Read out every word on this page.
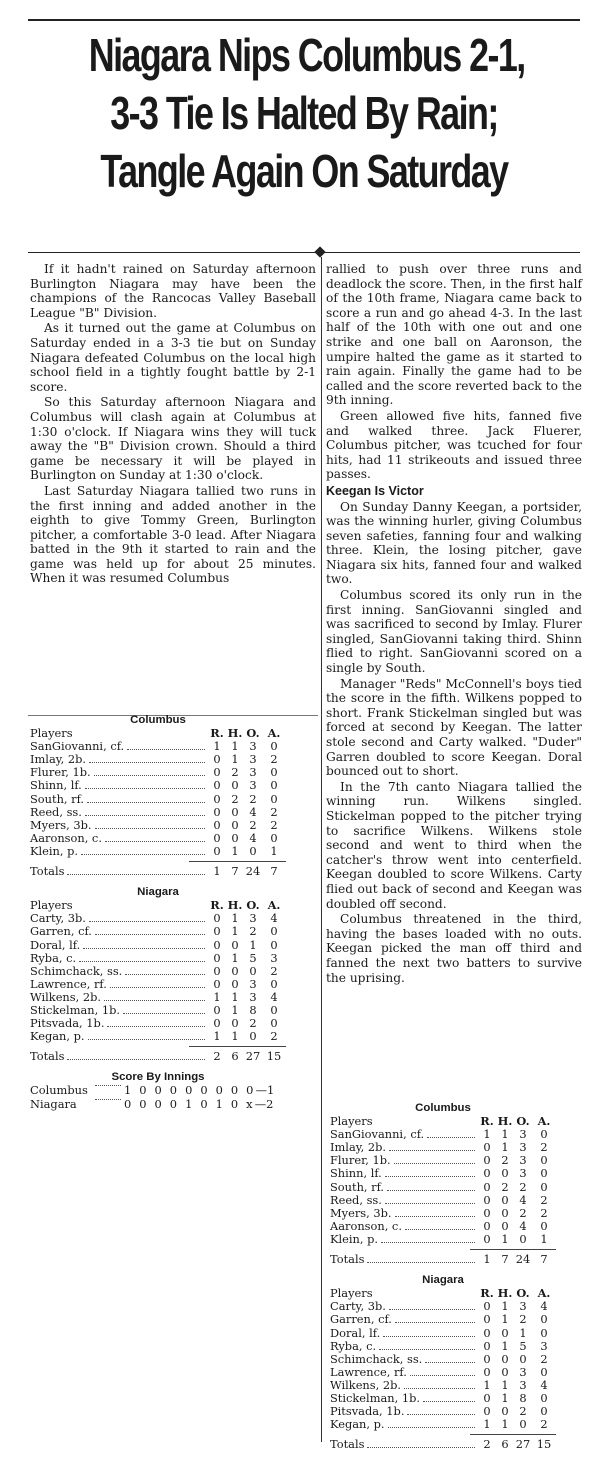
Niagara Nips Columbus 2-1,
3-3 Tie Is Halted By Rain;
Tangle Again On Saturday

If it hadn't rained on Saturday afternoon Burlington Niagara may have been the champions of the Rancocas Valley Baseball League "B" Division.

As it turned out the game at Columbus on Saturday ended in a 3-3 tie but on Sunday Niagara defeated Columbus on the local high school field in a tightly fought battle by 2-1 score.

So this Saturday afternoon Niagara and Columbus will clash again at Columbus at 1:30 o'clock. If Niagara wins they will tuck away the "B" Division crown. Should a third game be necessary it will be played in Burlington on Sunday at 1:30 o'clock.

Last Saturday Niagara tallied two runs in the first inning and added another in the eighth to give Tommy Green, Burlington pitcher, a comfortable 3-0 lead. After Niagara batted in the 9th it started to rain and the game was held up for about 25 minutes. When it was resumed Columbus

Columbus
Players	R. H. O. A.
SanGiovanni, cf.	1 1 3	0
Imlay, 2b.	0 1 3	2
Flurer, 1b.	0 2 3	0
Shinn, lf.	0 0 3	0
South, rf.	0 2 2	0
Reed, ss.	0 0 4	2
Myers, 3b.	0 0 2	2
Aaronson, c.	0 0 4	0
Klein, p.	0 1 0	1
Totals	1 7 24 7
Niagara
Players	R. H. O. A.
Carty, 3b.	0 1 3	4
Garren, cf.	0 1 2	0
Doral, lf.	0 0 1	0
Ryba, c.	0 1 5	3
Schimchack, ss.	0 0 0	2
Lawrence, rf.	0 0 3	0
Wilkens, 2b.	1 1 3	4
Stickelman, 1b.	0 1 8	0
Pitsvada, 1b.	0 0 2	0
Kegan, p.	1 1 0	2
Totals	2 6 27 15
Score By Innings
Columbus	1 0 0 0 0 0 0 0 0 —1
Niagara	0 0 0 0 1 0 1 0 x —2

rallied to push over three runs and deadlock the score. Then, in the first half of the 10th frame, Niagara came back to score a run and go ahead 4-3. In the last half of the 10th with one out and one strike and one ball on Aaronson, the umpire halted the game as it started to rain again. Finally the game had to be called and the score reverted back to the 9th inning.

Green allowed five hits, fanned five and walked three. Jack Fluerer, Columbus pitcher, was tcuched for four hits, had 11 strikeouts and issued three passes.

Keegan Is Victor

On Sunday Danny Keegan, a portsider, was the winning hurler, giving Columbus seven safeties, fanning four and walking three. Klein, the losing pitcher, gave Niagara six hits, fanned four and walked two.

Columbus scored its only run in the first inning. SanGiovanni singled and was sacrificed to second by Imlay. Flurer singled, SanGiovanni taking third. Shinn flied to right. SanGiovanni scored on a single by South.

Manager "Reds" McConnell's boys tied the score in the fifth. Wilkens popped to short. Frank Stickelman singled but was forced at second by Keegan. The latter stole second and Carty walked. "Duder" Garren doubled to score Keegan. Doral bounced out to short.

In the 7th canto Niagara tallied the winning run. Wilkens singled. Stickelman popped to the pitcher trying to sacrifice Wilkens. Wilkens stole second and went to third when the catcher's throw went into centerfield. Keegan doubled to score Wilkens. Carty flied out back of second and Keegan was doubled off second.

Columbus threatened in the third, having the bases loaded with no outs. Keegan picked the man off third and fanned the next two batters to survive the uprising.

Columbus
Players	R. H. O. A.
SanGiovanni, cf.	1 1 3	0
Imlay, 2b.	0 1 3	2
Flurer, 1b.	0 2 3	0
Shinn, lf.	0 0 3	0
South, rf.	0 2 2	0
Reed, ss.	0 0 4	2
Myers, 3b.	0 0 2	2
Aaronson, c.	0 0 4	0
Klein, p.	0 1 0	1
Totals	1 7 24 7
Niagara
Players	R. H. O. A.
Carty, 3b.	0 1 3	4
Garren, cf.	0 1 2	0
Doral, lf.	0 0 1	0
Ryba, c.	0 1 5	3
Schimchack, ss.	0 0 0	2
Lawrence, rf.	0 0 3	0
Wilkens, 2b.	1 1 3	4
Stickelman, 1b.	0 1 8	0
Pitsvada, 1b.	0 0 2	0
Kegan, p.	1 1 0	2
Totals	2 6 27 15
